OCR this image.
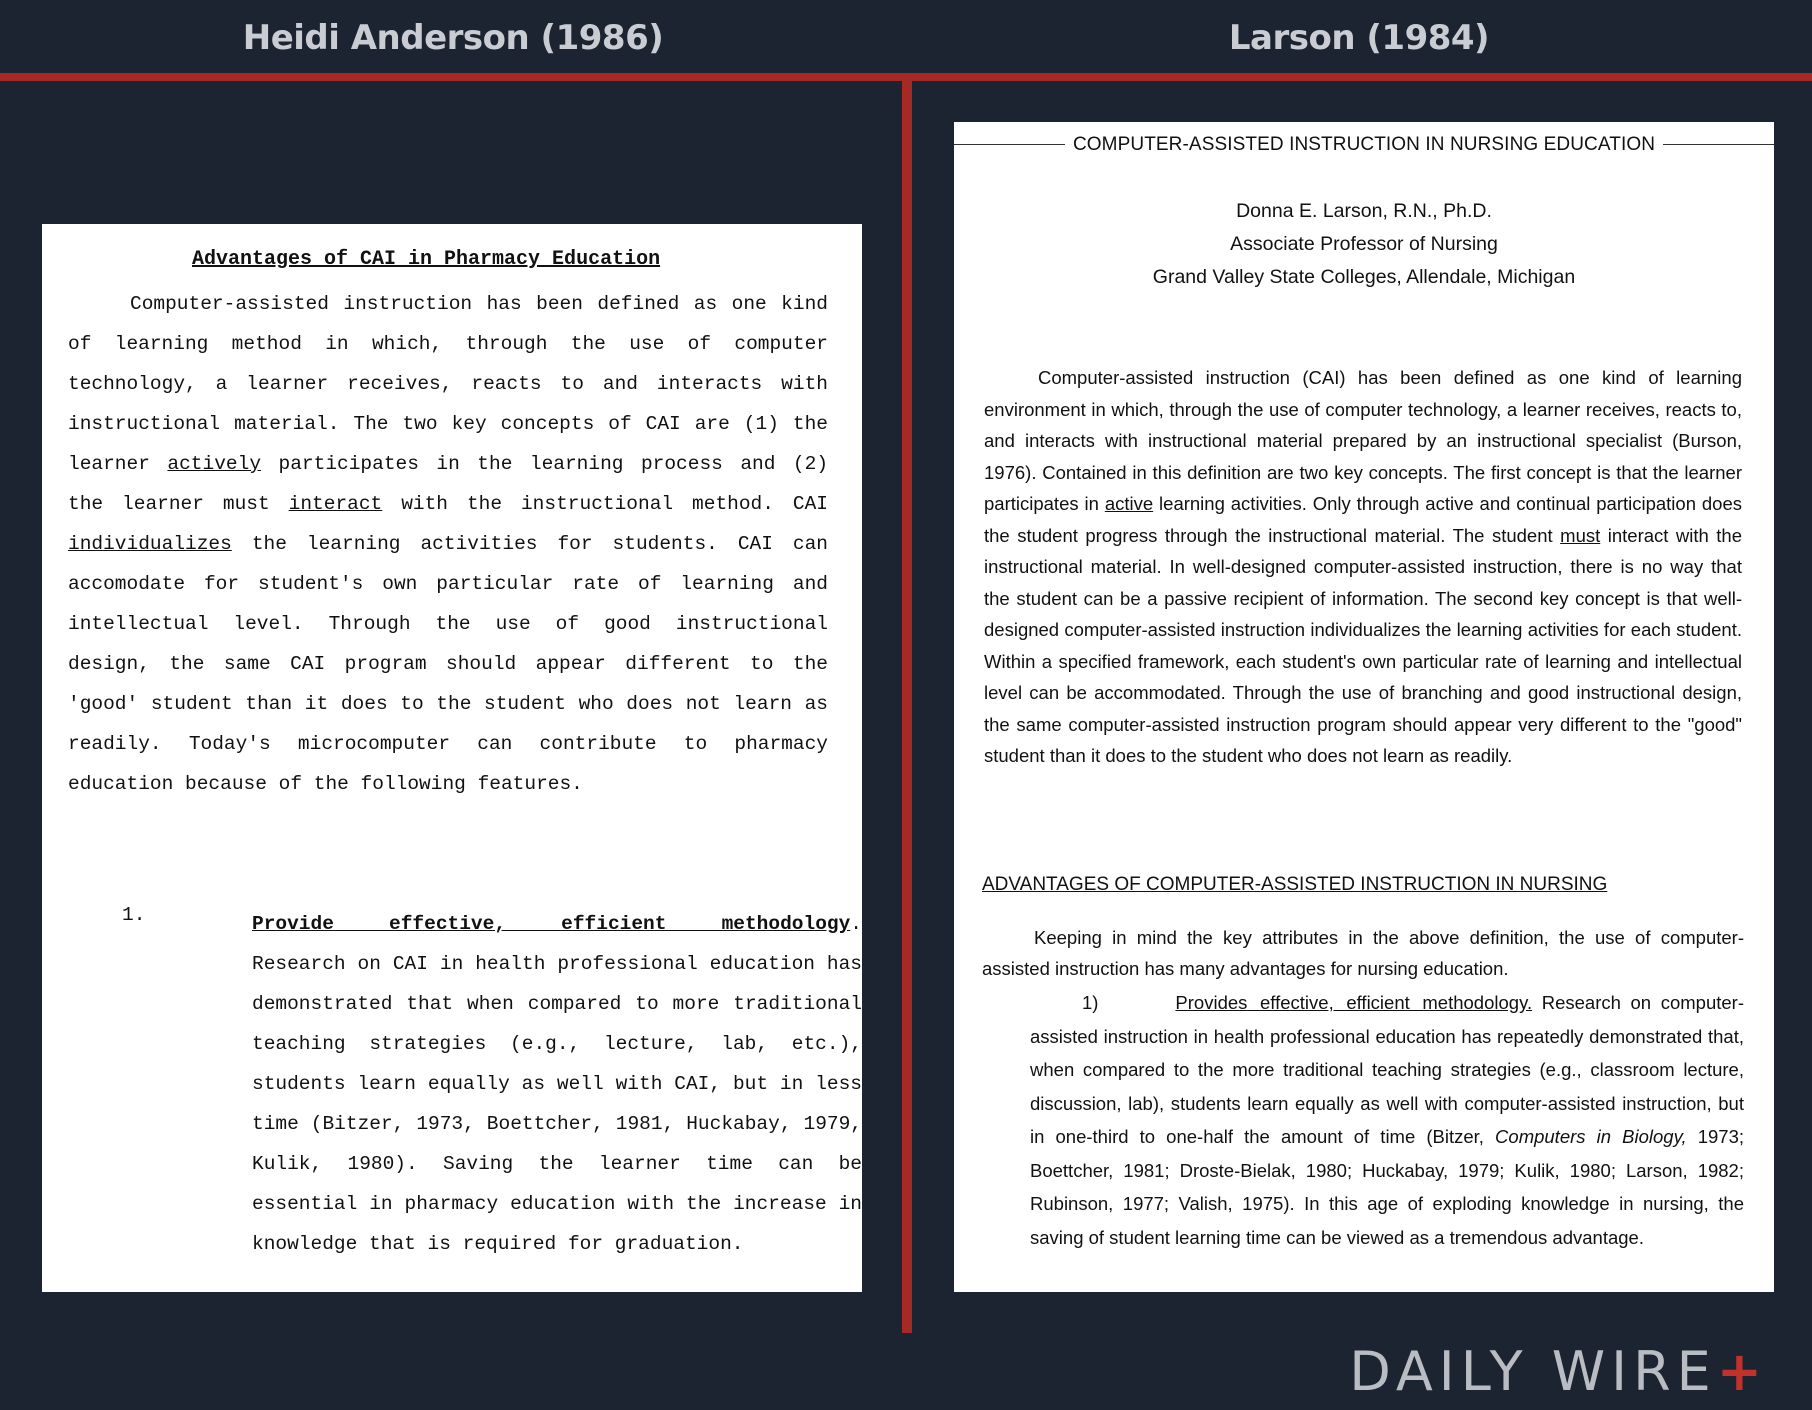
Heidi Anderson (1986)	Larson (1984)
Advantages of CAI in Pharmacy Education

Computer-assisted instruction has been defined as one kind of learning method in which, through the use of computer technology, a learner receives, reacts to and interacts with instructional material. The two key concepts of CAI are (1) the learner actively participates in the learning process and (2) the learner must interact with the instructional method. CAI individualizes the learning activities for students. CAI can accomodate for student's own particular rate of learning and intellectual level. Through the use of good instructional design, the same CAI program should appear different to the 'good' student than it does to the student who does not learn as readily. Today's microcomputer can contribute to pharmacy education because of the following features.

1.	Provide effective, efficient methodology. Research on CAI in health professional education has demonstrated that when compared to more traditional teaching strategies (e.g., lecture, lab, etc.), students learn equally as well with CAI, but in less time (Bitzer, 1973, Boettcher, 1981, Huckabay, 1979, Kulik, 1980). Saving the learner time can be essential in pharmacy education with the increase in knowledge that is required for graduation.

COMPUTER-ASSISTED INSTRUCTION IN NURSING EDUCATION
Donna E. Larson, R.N., Ph.D.
Associate Professor of Nursing
Grand Valley State Colleges, Allendale, Michigan

Computer-assisted instruction (CAI) has been defined as one kind of learning environment in which, through the use of computer technology, a learner receives, reacts to, and interacts with instructional material prepared by an instructional specialist (Burson, 1976). Contained in this definition are two key concepts. The first concept is that the learner participates in active learning activities. Only through active and continual participation does the student progress through the instructional material. The student must interact with the instructional material. In well-designed computer-assisted instruction, there is no way that the student can be a passive recipient of information. The second key concept is that well-designed computer-assisted instruction individualizes the learning activities for each student. Within a specified framework, each student's own particular rate of learning and intellectual level can be accommodated. Through the use of branching and good instructional design, the same computer-assisted instruction program should appear very different to the "good" student than it does to the student who does not learn as readily.

ADVANTAGES OF COMPUTER-ASSISTED INSTRUCTION IN NURSING

Keeping in mind the key attributes in the above definition, the use of computer-assisted instruction has many advantages for nursing education.

1)	Provides effective, efficient methodology. Research on computer-assisted instruction in health professional education has repeatedly demonstrated that, when compared to the more traditional teaching strategies (e.g., classroom lecture, discussion, lab), students learn equally as well with computer-assisted instruction, but in one-third to one-half the amount of time (Bitzer, Computers in Biology, 1973; Boettcher, 1981; Droste-Bielak, 1980; Huckabay, 1979; Kulik, 1980; Larson, 1982; Rubinson, 1977; Valish, 1975). In this age of exploding knowledge in nursing, the saving of student learning time can be viewed as a tremendous advantage.

DAILY WIRE+
